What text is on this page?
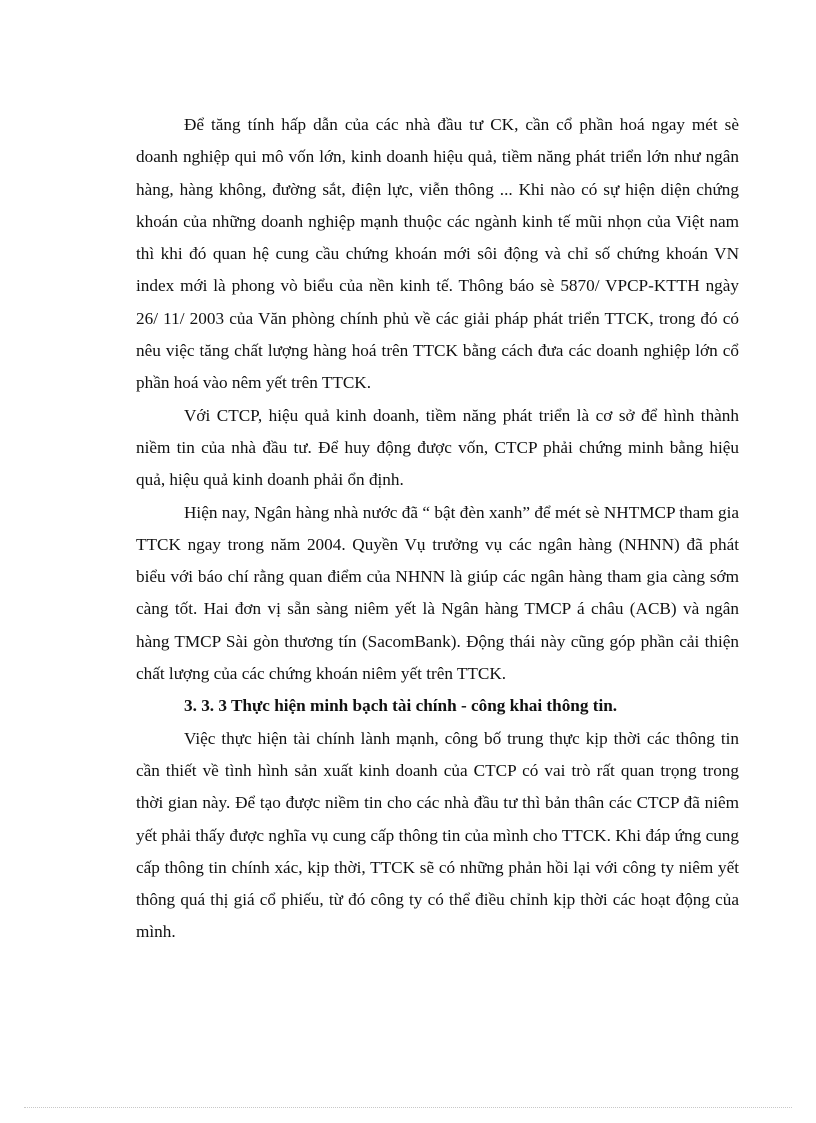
Để tăng tính hấp dẫn của các nhà đầu tư CK, cần cổ phần hoá ngay mét sè doanh nghiệp qui mô vốn lớn, kinh doanh hiệu quả, tiềm năng phát triển lớn như ngân hàng, hàng không, đường sắt, điện lực, viễn thông ... Khi nào có sự hiện diện chứng khoán của những doanh nghiệp mạnh thuộc các ngành kinh tế mũi nhọn của Việt nam thì khi đó quan hệ cung cầu chứng khoán mới sôi động và chỉ số chứng khoán VN index mới là phong vò biểu của nền kinh tế. Thông báo sè 5870/ VPCP-KTTH ngày 26/ 11/ 2003 của Văn phòng chính phủ về các giải pháp phát triển TTCK, trong đó có nêu việc tăng chất lượng hàng hoá trên TTCK bằng cách đưa các doanh nghiệp lớn cổ phần hoá vào nêm yết trên TTCK.

Với CTCP, hiệu quả kinh doanh, tiềm năng phát triển là cơ sở để hình thành niềm tin của nhà đầu tư. Để huy động được vốn, CTCP phải chứng minh bằng hiệu quả, hiệu quả kinh doanh phải ổn định.

Hiện nay, Ngân hàng nhà nước đã “ bật đèn xanh” để mét sè NHTMCP tham gia TTCK ngay trong năm 2004. Quyền Vụ trưởng vụ các ngân hàng (NHNN) đã phát biểu với báo chí rằng quan điểm của NHNN là giúp các ngân hàng tham gia càng sớm càng tốt. Hai đơn vị sẵn sàng niêm yết là Ngân hàng TMCP á châu (ACB) và ngân hàng TMCP Sài gòn thương tín (SacomBank). Động thái này cũng góp phần cải thiện chất lượng của các chứng khoán niêm yết trên TTCK.

3. 3. 3 Thực hiện minh bạch tài chính - công khai thông tin.

Việc thực hiện tài chính lành mạnh, công bố trung thực kịp thời các thông tin cần thiết về tình hình sản xuất kinh doanh của CTCP có vai trò rất quan trọng trong thời gian này. Để tạo được niềm tin cho các nhà đầu tư thì bản thân các CTCP đã niêm yết phải thấy được nghĩa vụ cung cấp thông tin của mình cho TTCK. Khi đáp ứng cung cấp thông tin chính xác, kịp thời, TTCK sẽ có những phản hồi lại với công ty niêm yết thông quá thị giá cổ phiếu, từ đó công ty có thể điều chỉnh kịp thời các hoạt động của mình.
